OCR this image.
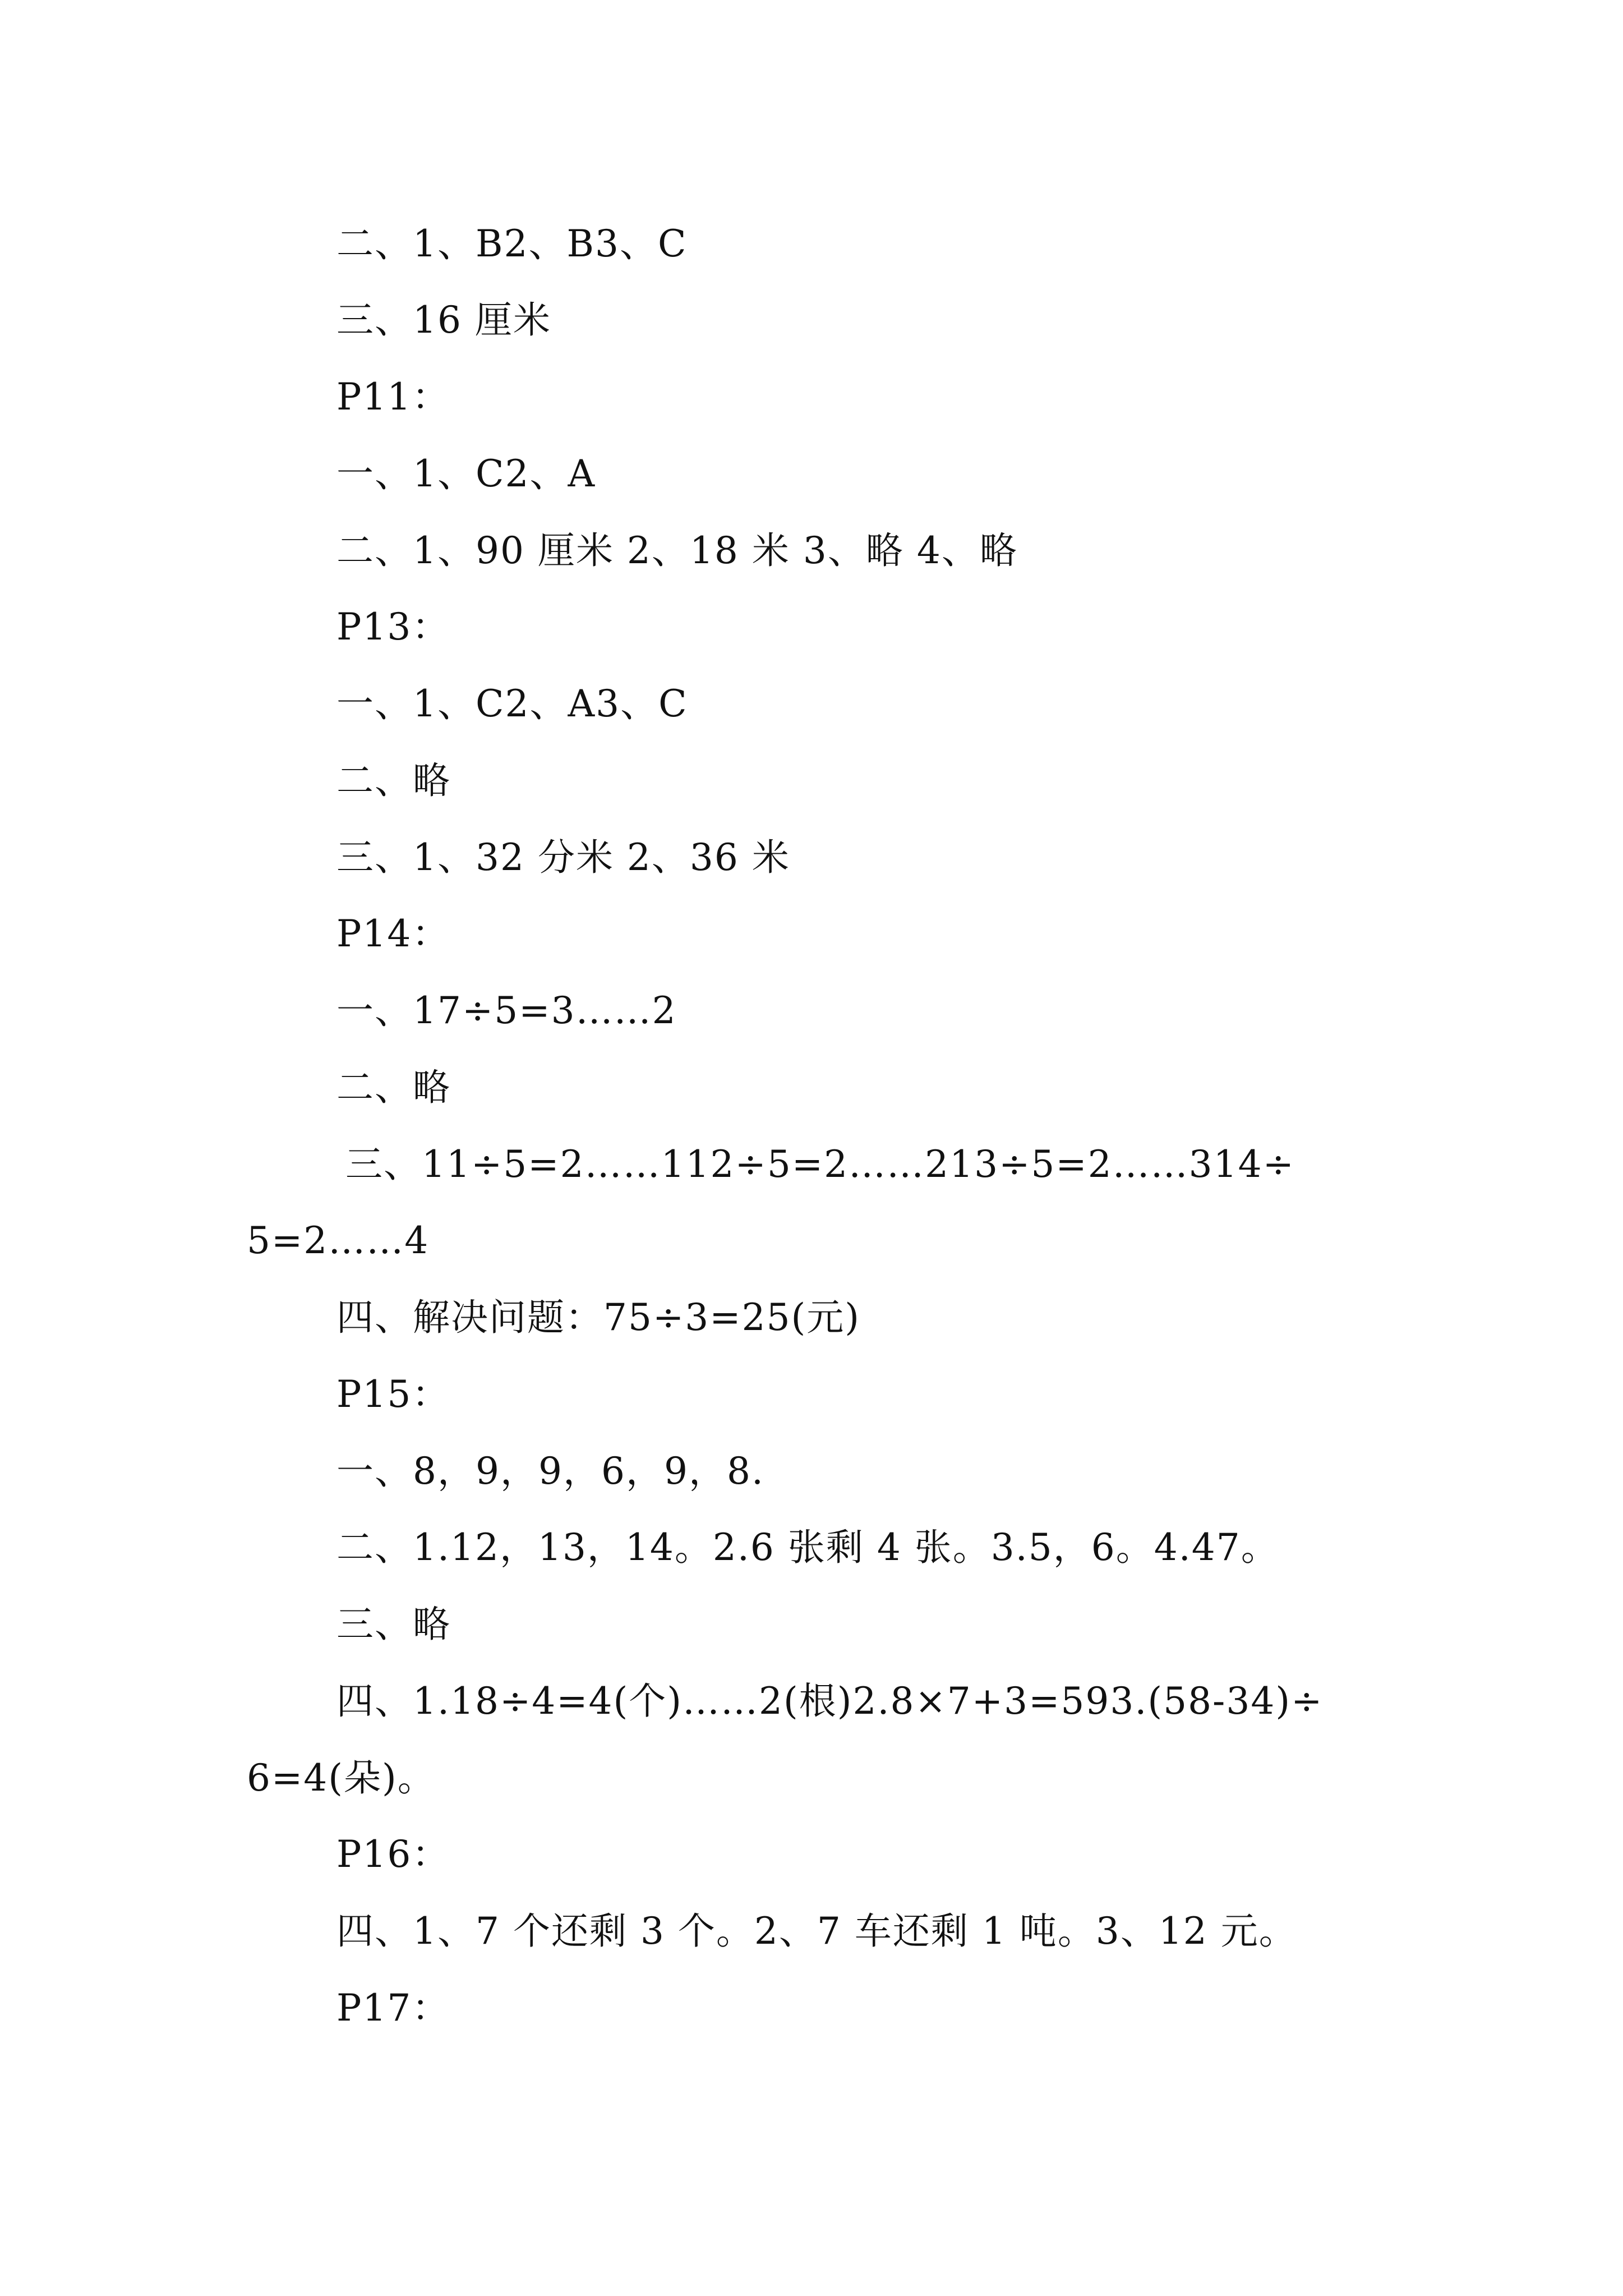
二、1、B2、B3、C
三、16 厘米
P11：
一、1、C2、A
二、1、90 厘米 2、18 米 3、略 4、略
P13：
一、1、C2、A3、C
二、略
三、1、32 分米 2、36 米
P14：
一、17÷5=3……2
二、略
三、11÷5=2……112÷5=2……213÷5=2……314÷
5=2……4
四、解决问题：75÷3=25(元)
P15：
一、8，9，9，6，9，8.
二、1.12，13，14。2.6 张剩 4 张。3.5，6。4.47。
三、略
四、1.18÷4=4(个)……2(根)2.8×7+3=593.(58-34)÷
6=4(朵)。
P16：
四、1、7 个还剩 3 个。2、7 车还剩 1 吨。3、12 元。
P17：
